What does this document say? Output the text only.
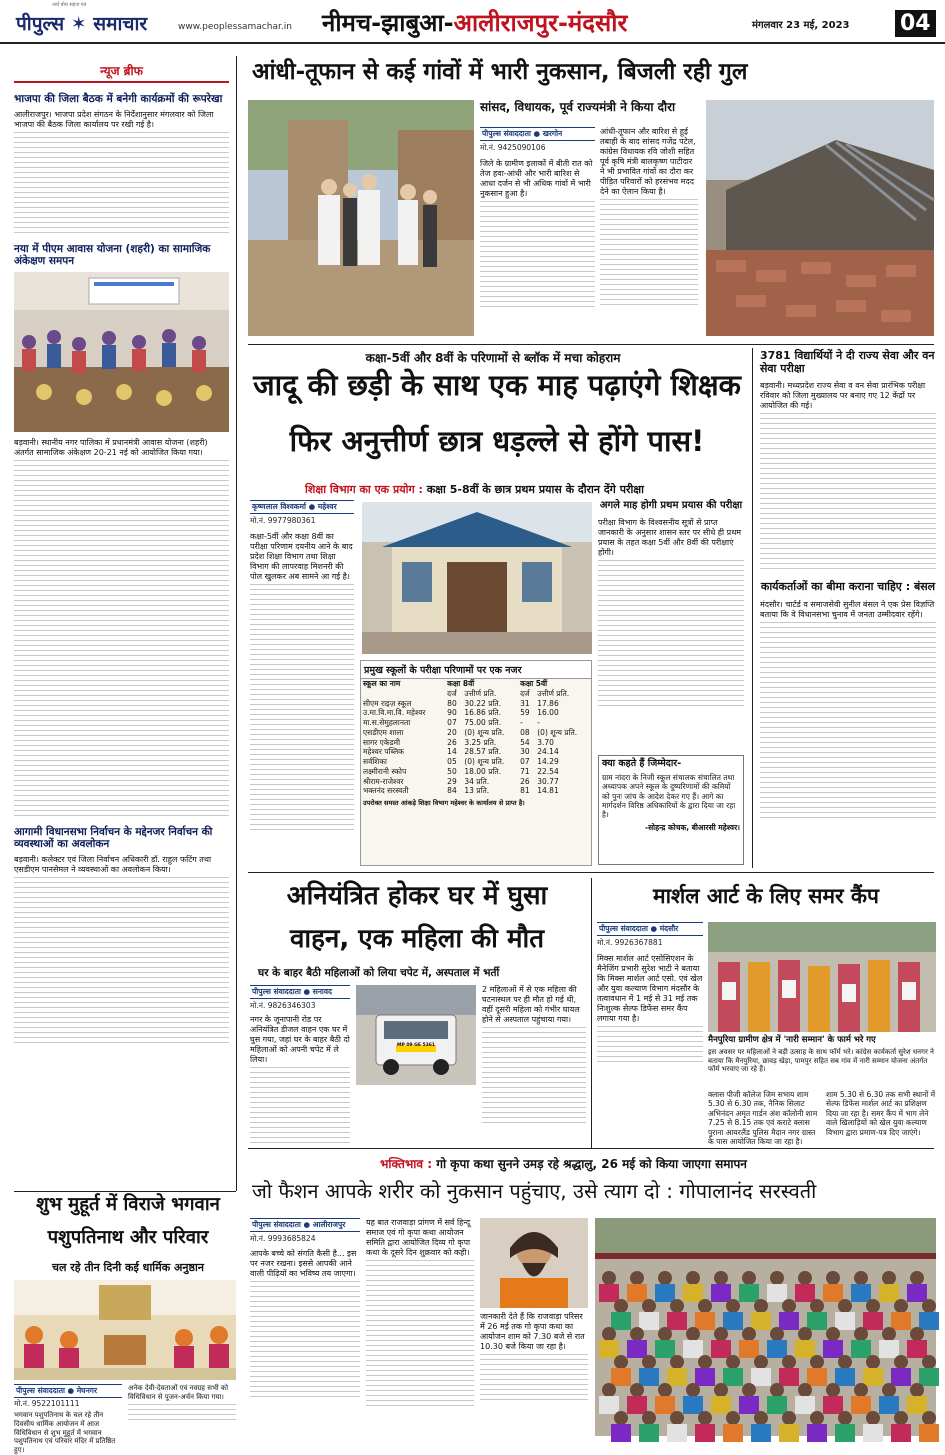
अर्थ बोध सहज पत्र
पीपुल्स ✶ समाचार	www.peoplessamachar.in नीमच-झाबुआ-आलीराजपुर-मंदसौर	मंगलवार 23 मई, 2023 04
न्यूज ब्रीफ
भाजपा की जिला बैठक में बनेगी कार्यक्रमों की रूपरेखा
आलीराजपुर। भाजपा प्रदेश संगठन के निर्देशानुसार मंगलवार को जिला भाजपा की बैठक जिला कार्यालय पर रखी गई है।
नया में पीएम आवास योजना (शहरी) का सामाजिक अंकेक्षण समपन
बड़वानी। स्थानीय नगर पालिका में प्रधानमंत्री आवास योजना (शहरी) अंतर्गत सामाजिक अंकेक्षण 20-21 नई को आयोजित किया गया।
आगामी विधानसभा निर्वाचन के मद्देनजर निर्वाचन की व्यवस्थाओं का अवलोकन
बड़वानी। कलेक्टर एवं जिला निर्वाचन अधिकारी डॉ. राहुल फटिंग तथा एसडीएम पानसेमल ने व्यवस्थाओं का अवलोकन किया।
आंधी-तूफान से कई गांवों में भारी नुकसान, बिजली रही गुल
सांसद, विधायक, पूर्व राज्यमंत्री ने किया दौरा
पीपुल्स संवाददाता ● खरगोन
मो.नं. 9425090106
जिले के ग्रामीण इलाकों में बीती रात को तेज हवा-आंधी और भारी बारिश से आधा दर्जन से भी अधिक गांवों में भारी नुकसान हुआ है।
आंधी-तूफान और बारिश से हुई तबाही के बाद सांसद गजेंद्र पटेल, कांग्रेस विधायक रवि जोशी सहित पूर्व कृषि मंत्री बालकृष्ण पाटीदार ने भी प्रभावित गांवों का दौरा कर पीड़ित परिवारों को हरसंभव मदद देने का ऐलान किया है।
कक्षा-5वीं और 8वीं के परिणामों से ब्लॉक में मचा कोहराम
जादू की छड़ी के साथ एक माह पढ़ाएंगे शिक्षक
फिर अनुत्तीर्ण छात्र धड़ल्ले से होंगे पास!
शिक्षा विभाग का एक प्रयोग : कक्षा 5-8वीं के छात्र प्रथम प्रयास के दौरान देंगे परीक्षा
कृष्णलाल विश्वकर्मा ● महेश्वर
मो.नं. 9977980361
कक्षा-5वीं और कक्षा 8वीं का परीक्षा परिणाम दयनीय आने के बाद प्रदेश शिक्षा विभाग तथा शिक्षा विभाग की लापरवाह मिशनरी की पोल खुलकर अब सामने आ गई है।
अगले माह होगी प्रथम प्रयास की परीक्षा
परीक्षा विभाग के विश्वसनीय सूत्रों से प्राप्त जानकारी के अनुसार शासन स्तर पर सीधे ही प्रथम प्रयास के तहत कक्षा 5वीं और 8वीं की परीक्षाएं होंगी।
प्रमुख स्कूलों के परीक्षा परिणामों पर एक नजर
स्कूल का नाम	कक्षा 8वीं		कक्षा 5वीं	
	दर्ज	उत्तीर्ण प्रति.	दर्ज	उत्तीर्ण प्रति.
सीएम राइज़ स्कूल	80	30.22 प्रति.	31	17.86
उ.मा.वि.मा.वि. महेश्वर	90	16.86 प्रति.	59	16.00
मा.स.सेमुहलानता	07	75.00 प्रति.	-	-
एसडीएम शाला	20	(0) शून्य प्रति.	08	(0) शून्य प्रति.
सागर एकेडमी	26	3.25 प्रति.	54	3.70
महेश्वर पब्लिक	14	28.57 प्रति.	30	24.14
सर्वशिका	05	(0) शून्य प्रति.	07	14.29
लक्ष्मीरानी स्कोप	50	18.00 प्रति.	71	22.54
श्रीराम-राजेश्वर	29	34 प्रति.	26	30.77
भक्तनंद सरस्वती	84	13 प्रति.	81	14.81
उपरोक्त समस्त आंकड़े शिक्षा विभाग महेश्वर के कार्यालय से प्राप्त है।
क्या कहते हैं जिम्मेदार-
ग्राम नांदरा के निजी स्कूल संचालक संचालित तथा अध्यापक अपने स्कूल के दुष्परिणामों की कमियों को पुनः जांच के आदेश देकर गए हैं। आगे का मार्गदर्शन विरिष्ठ अधिकारियों के द्वारा दिया जा रहा है।
-सोहन्द्र कोचक, बीआरसी महेश्वर।
3781 विद्यार्थियों ने दी राज्य सेवा और वन सेवा परीक्षा
बड़वानी। मध्यप्रदेश राज्य सेवा व वन सेवा प्रारंभिक परीक्षा रविवार को जिला मुख्यालय पर बनाए गए 12 केंद्रों पर आयोजित की गई।
कार्यकर्ताओं का बीमा कराना चाहिए : बंसल
मंदसौर। चार्टर्ड व समाजसेवी सुनील बंसल ने एक प्रेस विज्ञप्ति बताया कि वे विधानसभा चुनाव में जनता उम्मीदवार रहेंगे।
अनियंत्रित होकर घर में घुसा
वाहन, एक महिला की मौत
घर के बाहर बैठी महिलाओं को लिया चपेट में, अस्पताल में भर्ती
पीपुल्स संवाददाता ● सनावद
मो.नं. 9826346303
नगर के जूनापानी रोड पर अनियंत्रित डीजल वाहन एक घर में घुस गया, जहां घर के बाहर बैठी दो महिलाओं को अपनी चपेट में ले लिया।
MP 09 GE 5361
2 महिलाओं में से एक महिला की घटनास्थल पर ही मौत हो गई थी, वहीं दूसरी महिला को गंभीर घायल होने से अस्पताल पहुंचाया गया।
मार्शल आर्ट के लिए समर कैंप
पीपुल्स संवाददाता ● मंदसौर
मो.नं. 9926367881
मिक्स मार्शल आर्ट एसोसिएशन के मैनेजिंग प्रभारी सुरेश भाटी ने बताया कि मिक्स मार्शल आर्ट एसो. एवं खेल और युवा कल्याण विभाग मंदसौर के तत्वावधान में 1 मई से 31 मई तक निःशुल्क सेल्फ डिफेंस समर कैंप लगाया गया है।
मैनपुरिया ग्रामीण क्षेत्र में 'नारी सम्मान' के फार्म भरे गए
इस अवसर पर महिलाओं ने बड़ी उत्साह के साथ फॉर्म भरे। कांग्रेस कार्यकर्ता सुरेश धनगर ने बताया कि मैनपुरिया, छावड़ खेड़ा, पामपुर सहित सब गांव में नारी सम्मान योजना अंतर्गत फॉर्म भरवाए जा रहे हैं।
क्लास पीजी कॉलेज जिम सभाय शाम 5.30 से 6.30 तक, नैनिक सिलाट अभिनंदन अमृत गार्डन अंश कॉलोनी शाम 7.25 से 8.15 तक एवं कराटे क्लास पुराना आयरलैंड पुलिस मैदान नगर ग्रास्त के पास आयोजित किया जा रहा है।
शाम 5.30 से 6.30 तक सभी स्थानों में सेल्फ डिफेंस मार्शल आर्ट का प्रशिक्षण दिया जा रहा है। समर कैंप में भाग लेने वाले खिलाड़ियों को खेल युवा कल्याण विभाग द्वारा प्रमाण-पत्र दिए जाएंगे।
शुभ मुहूर्त में विराजे भगवान
पशुपतिनाथ और परिवार
चल रहे तीन दिनी कई धार्मिक अनुष्ठान
पीपुल्स संवाददाता ● मेघनगर
मो.नं. 9522101111
भगवान पशुपतिनाथ के चल रहे तीन दिवसीय धार्मिक आयोजन में आज विधिविधान से शुभ मुहूर्त में भगवान पशुपतिनाथ एवं परिवार मंदिर में प्रतिष्ठित हुए।
अनेक देवी-देवताओं एवं नवग्रह सभी को विधिविधान से पूजन-अर्चन किया गया।
भक्तिभाव : गो कृपा कथा सुनने उमड़ रहे श्रद्धालु, 26 मई को किया जाएगा समापन
जो फैशन आपके शरीर को नुकसान पहुंचाए, उसे त्याग दो : गोपालानंद सरस्वती
पीपुल्स संवाददाता ● आलीराजपुर
मो.नं. 9993685824
आपके बच्चे को संगति कैसी है... इस पर नजर रखना। इससे आपकी आने वाली पीढ़ियों का भविष्य तय जाएगा।
यह बात राजवाड़ा प्रांगण में सर्व हिन्दू समाज एवं गो कृपा कथा आयोजन समिति द्वारा आयोजित दिव्य गो कृपा कथा के दूसरे दिन शुक्रवार को कही।
जानकारी देते हैं कि राजवाड़ा परिसर में 26 मई तक गो कृपा कथा का आयोजन शाम को 7.30 बजे से रात 10.30 बजे किया जा रहा है।
